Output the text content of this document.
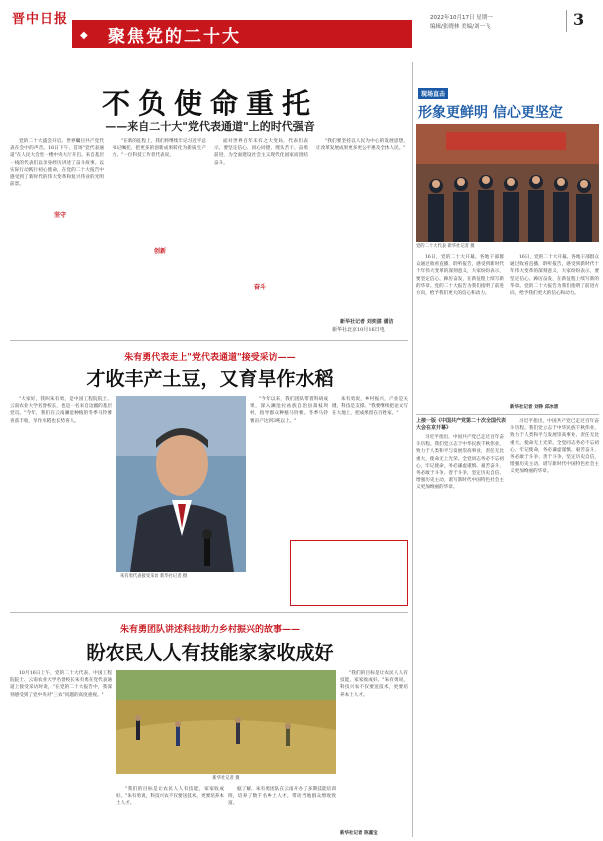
晋中日报
◆ 聚焦党的二十大
2022年10月17日 星期一
编辑/张晓林 美编/刘一飞	3
不负使命重托
——来自二十大"党代表通道"上的时代强音

党的二十大盛会开启。世界瞩目共产党代表在会中的声音。16日下午，首场"党代表通道"在人民大会堂一楼中央大厅开启。来自基层一线的代表们以亲身经历讲述了奋斗故事。以实际行动践行初心使命，在党的二十大报告中感受到了新时代的伟大变革和复兴伟业的光明前景。

坚守

"在新的征程上，我们将继续牢记习近平总书记嘱托，把更多的创新成果转化为新质生产力。"一位科技工作者代表说。

创新

面对世界百年未有之大变局，代表们表示，要坚定信心、同心同德，埋头苦干、奋勇前进，为全面建设社会主义现代化国家而团结奋斗。

奋斗

"我们要坚持以人民为中心的发展思想，让改革发展成果更多更公平惠及全体人民。"

新华社记者 刘奕湛 潘洁
新华社北京10月16日电
朱有勇代表走上"党代表通道"接受采访——
才收丰产土豆，又育旱作水稻

"大家好，我叫朱有勇，是中国工程院院士、云南农业大学名誉校长，也是一名来自边疆的基层党员。"今年，我们在云南澜沧种植的冬季马铃薯喜获丰收，旱作水稻也长势喜人。

朱有勇代表接受采访 新华社记者 摄

"今年以来，我们团队带着科研成果，深入澜沧拉祜族自治县蒿枝坝村，指导群众种植马铃薯。冬季马铃薯亩产达到3吨以上。"

朱有勇说，乡村振兴，产业是关键，科技是支撑。"我要继续把论文写在大地上，把成果留在百姓家。"

朱有勇团队讲述科技助力乡村振兴的故事——
盼农民人人有技能家家收成好

10月16日上午，党的二十大代表、中国工程院院士、云南农业大学名誉校长朱有勇在党代表通道上接受采访时说，"在党的二十大报告中，我深刻感受到了党中央对"三农"问题的高度重视。"

新华社记者 摄

"我们的目标是让农民人人有技能，家家收成好。"朱有勇说，科技兴农不仅要送技术，更要培养本土人才。

据了解，朱有勇团队在云南开办了多期技能培训班，培养了数千名乡土人才，带动当地群众增收致富。

"我们的目标是让农民人人有技能，家家收成好。"朱有勇说，科技兴农不仅要送技术，更要培养本土人才。

新华社记者 陈嘉宝
现场直击
形象更鲜明 信心更坚定
党的二十大代表 新华社记者 摄

16日，党的二十大开幕。各地干部群众通过收看直播，聆听报告，感受到新时代十年伟大变革的深刻意义，大家纷纷表示，要坚定信心、踔厉奋发，在新征程上续写新的华章。党的二十大报告为我们指明了前进方向，给予我们更大的信心和动力。

16日，党的二十大开幕。各地干部群众通过收看直播，聆听报告，感受到新时代十年伟大变革的深刻意义，大家纷纷表示，要坚定信心、踔厉奋发，在新征程上续写新的华章。党的二十大报告为我们指明了前进方向，给予我们更大的信心和动力。

新华社记者 刘铮 邱冰清
上接一版《中国共产党第二十次全国代表大会在京开幕》

习近平指出，中国共产党已走过百年奋斗历程。我们党立志于中华民族千秋伟业，致力于人类和平与发展崇高事业，责任无比重大，使命无上光荣。全党同志务必不忘初心、牢记使命，务必谦虚谨慎、艰苦奋斗，务必敢于斗争、善于斗争，坚定历史自信，增强历史主动，谱写新时代中国特色社会主义更加绚丽的华章。

习近平指出，中国共产党已走过百年奋斗历程。我们党立志于中华民族千秋伟业，致力于人类和平与发展崇高事业，责任无比重大，使命无上光荣。全党同志务必不忘初心、牢记使命，务必谦虚谨慎、艰苦奋斗，务必敢于斗争、善于斗争，坚定历史自信，增强历史主动，谱写新时代中国特色社会主义更加绚丽的华章。
